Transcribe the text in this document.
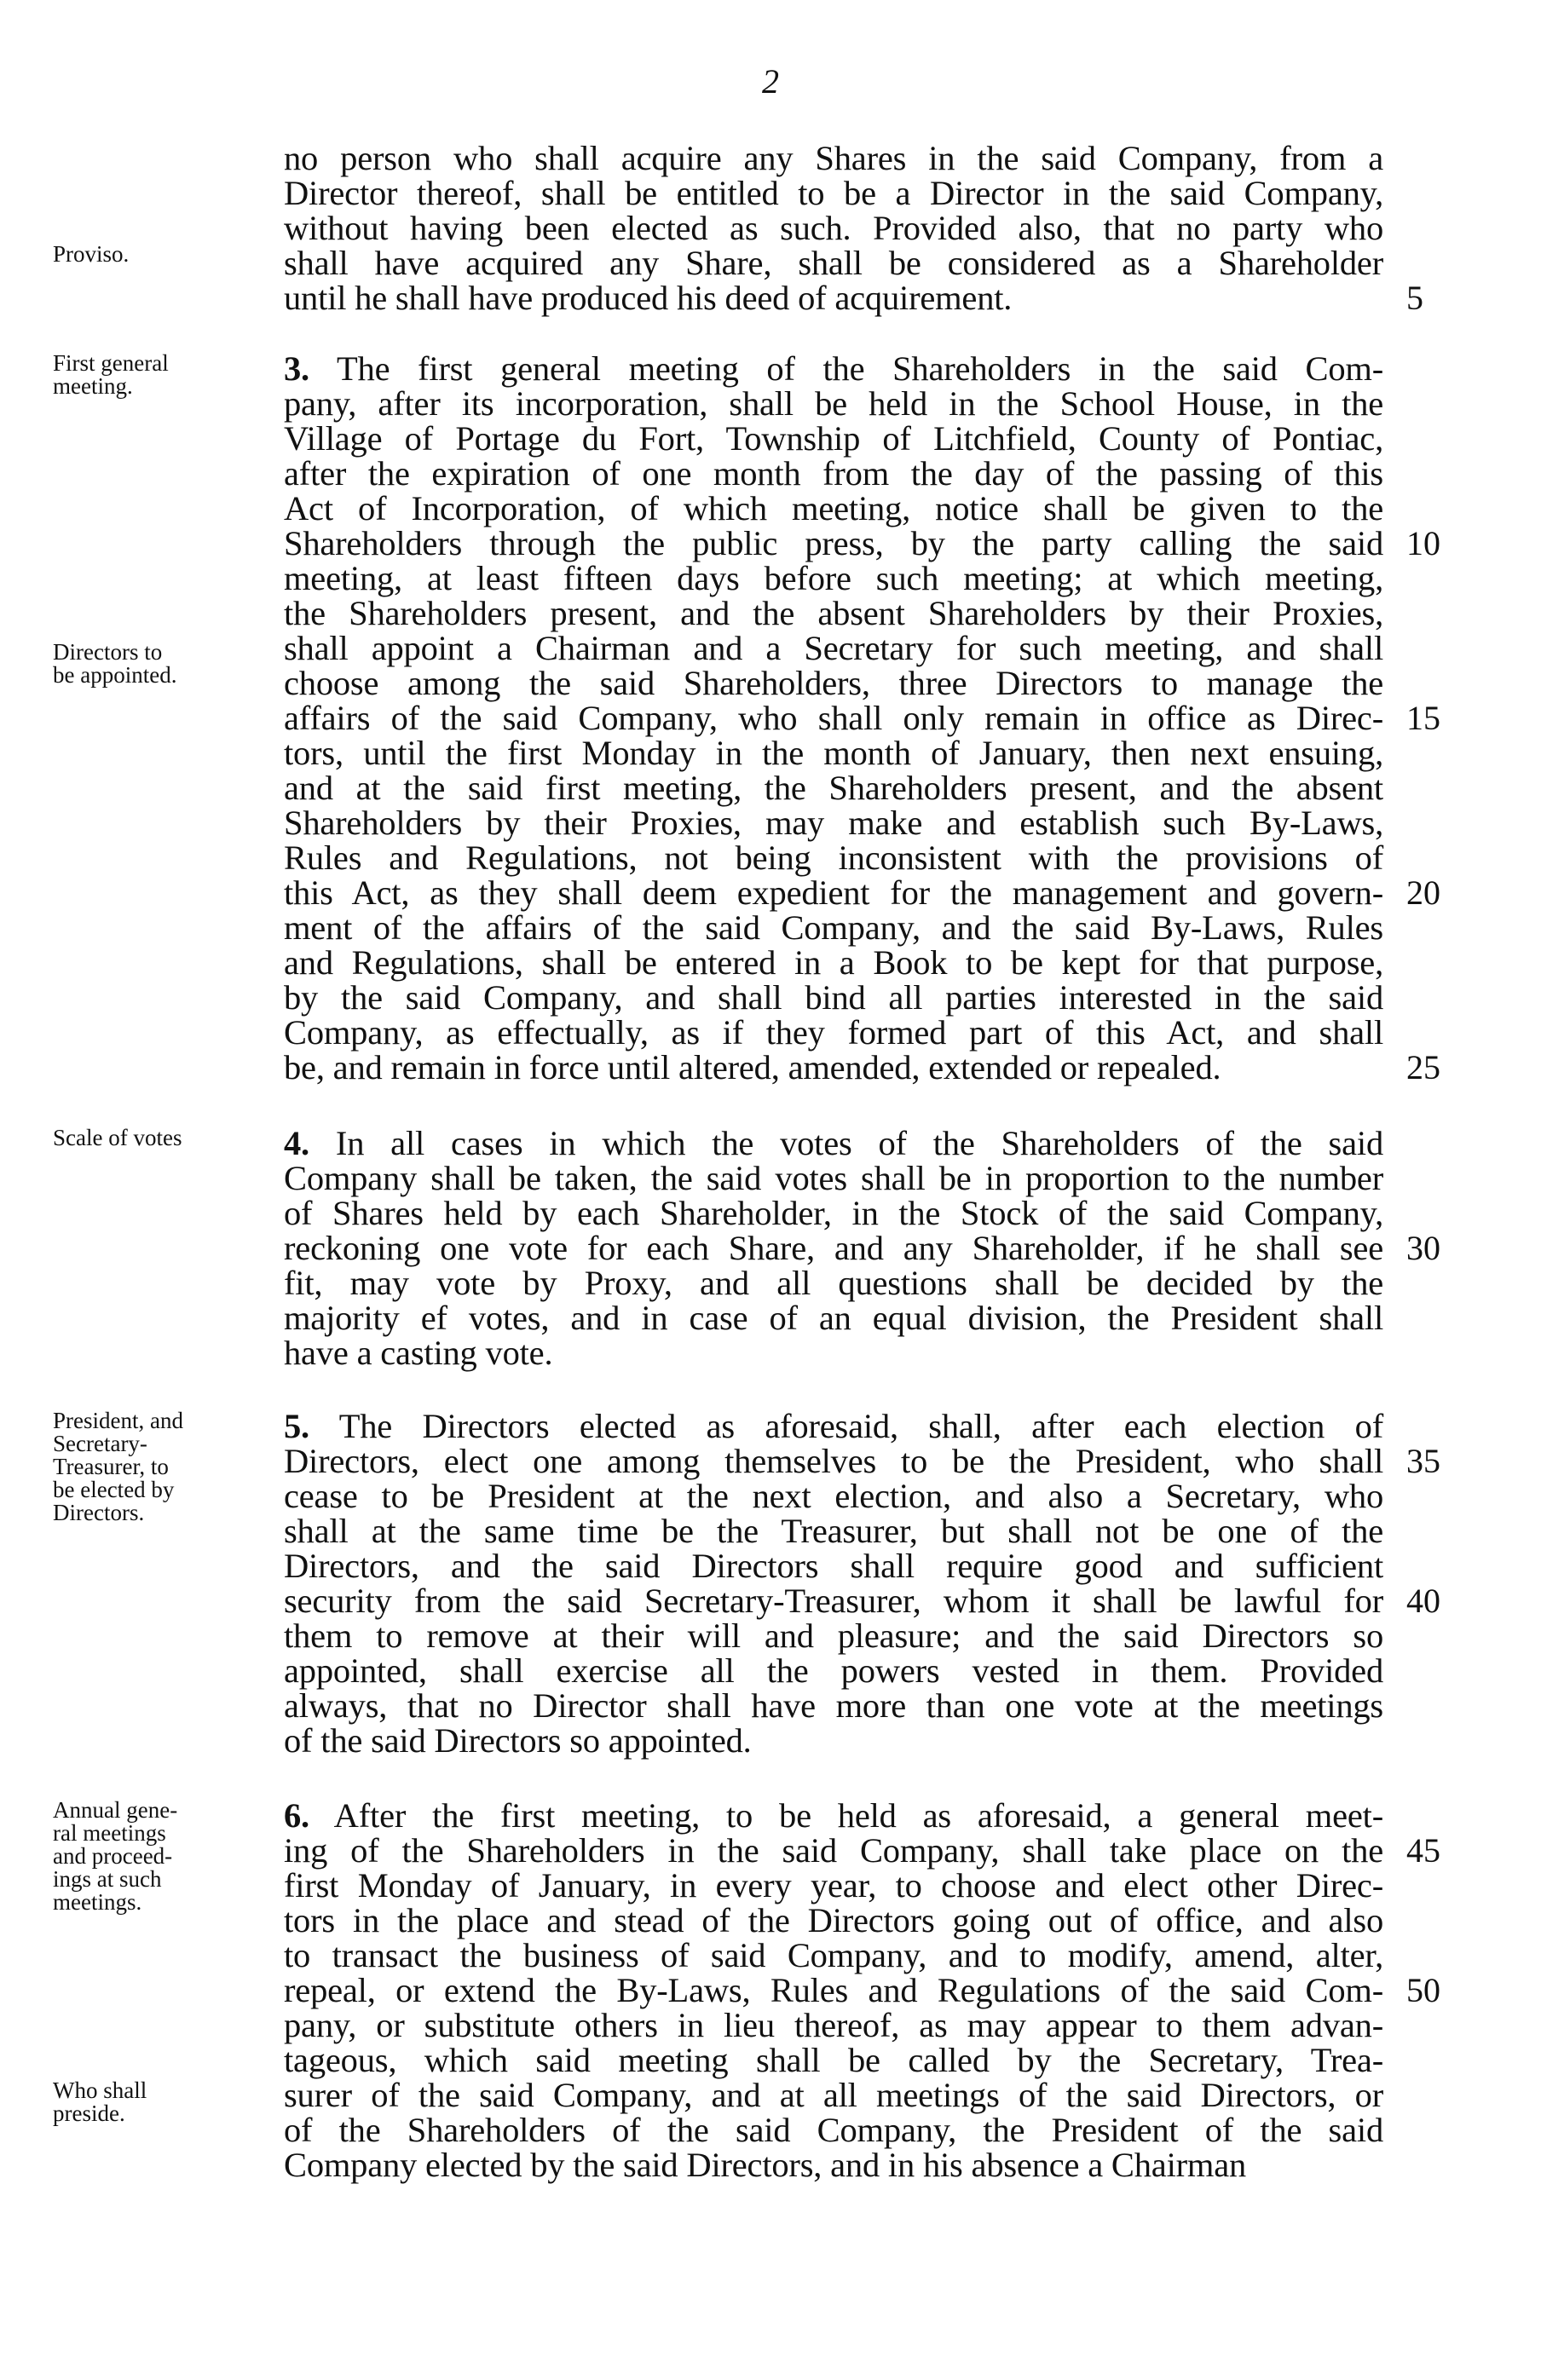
2
no person who shall acquire any Shares in the said Company, from a
Director thereof, shall be entitled to be a Director in the said Company,
without having been elected as such. Provided also, that no party who
shall have acquired any Share, shall be considered as a Shareholder
until he shall have produced his deed of acquirement.
3. The first general meeting of the Shareholders in the said Com-
pany, after its incorporation, shall be held in the School House, in the
Village of Portage du Fort, Township of Litchfield, County of Pontiac,
after the expiration of one month from the day of the passing of this
Act of Incorporation, of which meeting, notice shall be given to the
Shareholders through the public press, by the party calling the said
meeting, at least fifteen days before such meeting; at which meeting,
the Shareholders present, and the absent Shareholders by their Proxies,
shall appoint a Chairman and a Secretary for such meeting, and shall
choose among the said Shareholders, three Directors to manage the
affairs of the said Company, who shall only remain in office as Direc-
tors, until the first Monday in the month of January, then next ensuing,
and at the said first meeting, the Shareholders present, and the absent
Shareholders by their Proxies, may make and establish such By-Laws,
Rules and Regulations, not being inconsistent with the provisions of
this Act, as they shall deem expedient for the management and govern-
ment of the affairs of the said Company, and the said By-Laws, Rules
and Regulations, shall be entered in a Book to be kept for that purpose,
by the said Company, and shall bind all parties interested in the said
Company, as effectually, as if they formed part of this Act, and shall
be, and remain in force until altered, amended, extended or repealed.
4. In all cases in which the votes of the Shareholders of the said
Company shall be taken, the said votes shall be in proportion to the number
of Shares held by each Shareholder, in the Stock of the said Company,
reckoning one vote for each Share, and any Shareholder, if he shall see
fit, may vote by Proxy, and all questions shall be decided by the
majority ef votes, and in case of an equal division, the President shall
have a casting vote.
5. The Directors elected as aforesaid, shall, after each election of
Directors, elect one among themselves to be the President, who shall
cease to be President at the next election, and also a Secretary, who
shall at the same time be the Treasurer, but shall not be one of the
Directors, and the said Directors shall require good and sufficient
security from the said Secretary-Treasurer, whom it shall be lawful for
them to remove at their will and pleasure; and the said Directors so
appointed, shall exercise all the powers vested in them. Provided
always, that no Director shall have more than one vote at the meetings
of the said Directors so appointed.
6. After the first meeting, to be held as aforesaid, a general meet-
ing of the Shareholders in the said Company, shall take place on the
first Monday of January, in every year, to choose and elect other Direc-
tors in the place and stead of the Directors going out of office, and also
to transact the business of said Company, and to modify, amend, alter,
repeal, or extend the By-Laws, Rules and Regulations of the said Com-
pany, or substitute others in lieu thereof, as may appear to them advan-
tageous, which said meeting shall be called by the Secretary, Trea-
surer of the said Company, and at all meetings of the said Directors, or
of the Shareholders of the said Company, the President of the said
Company elected by the said Directors, and in his absence a Chairman
5
10
15
20
25
30
35
40
45
50
Proviso.
First general
meeting.
Directors to
be appointed.
Scale of votes
President, and
Secretary-
Treasurer, to
be elected by
Directors.
Annual gene-
ral meetings
and proceed-
ings at such
meetings.
Who shall
preside.
